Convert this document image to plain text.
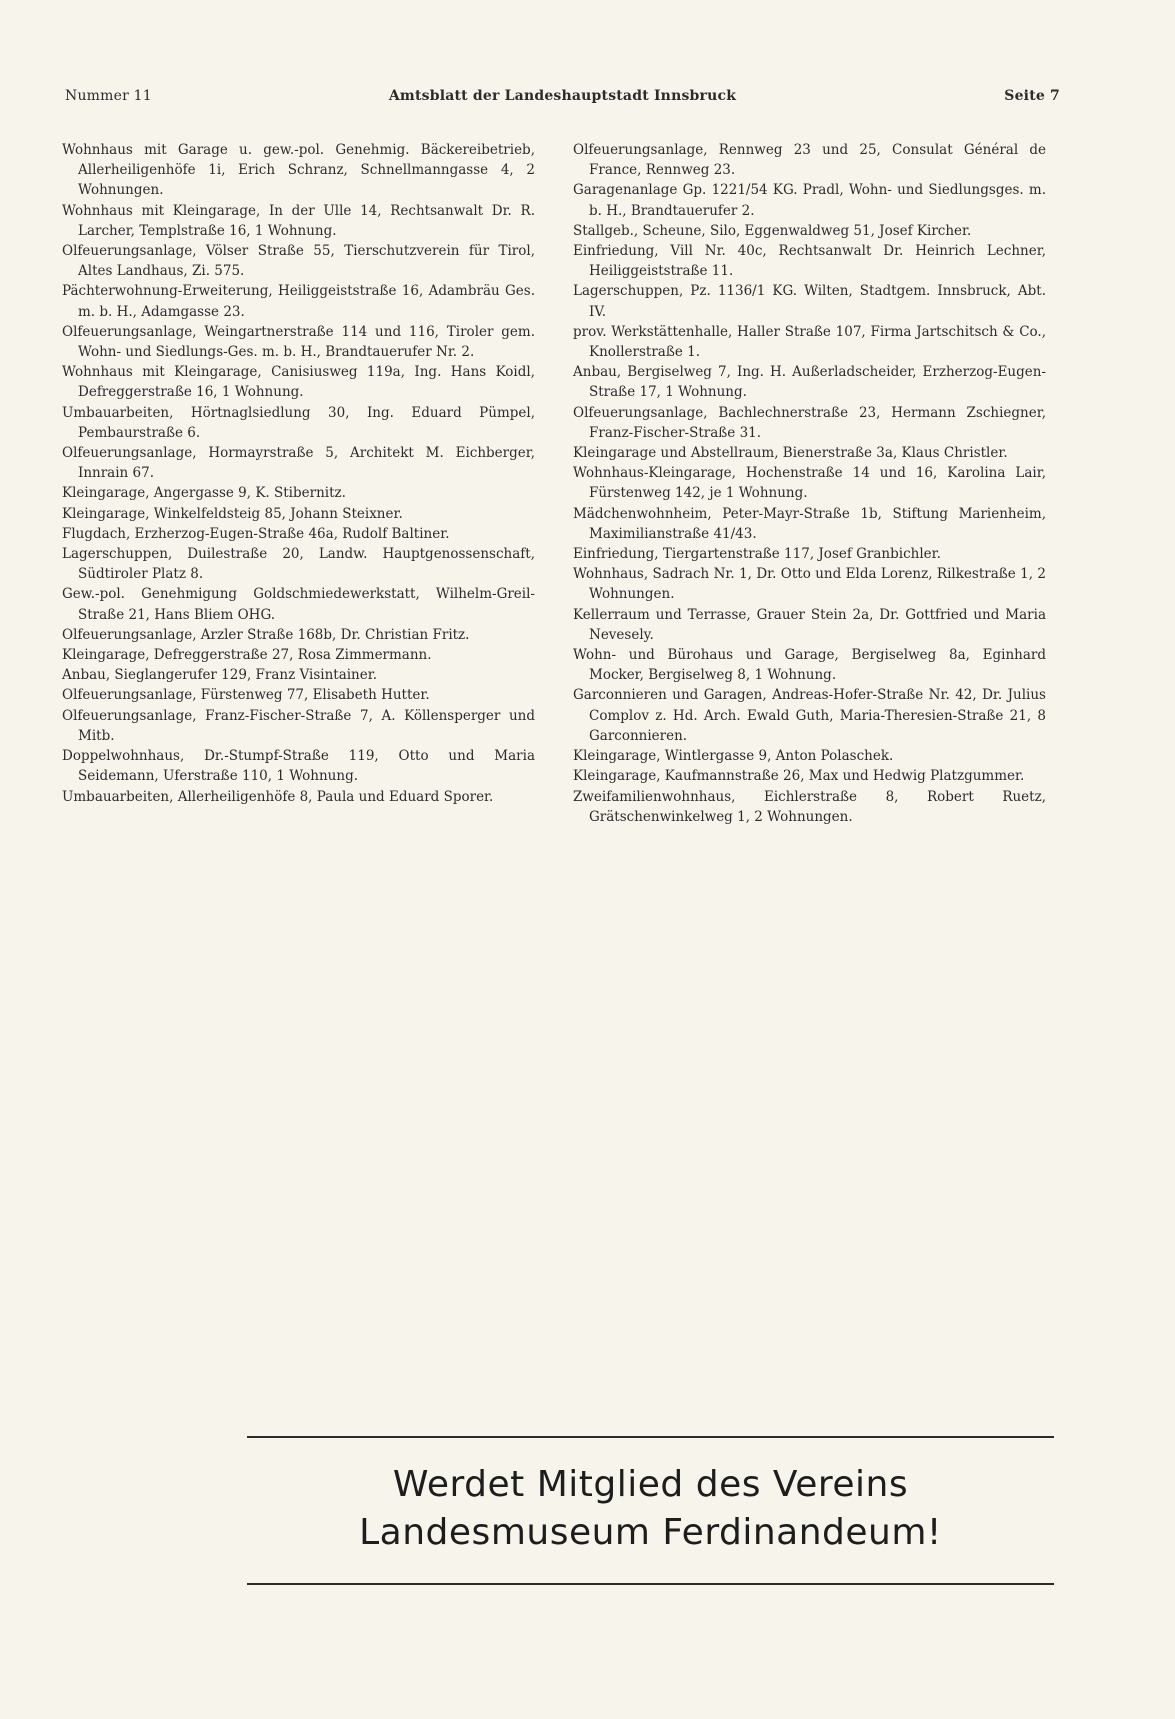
Nummer 11	Amtsblatt der Landeshauptstadt Innsbruck	Seite 7

Wohnhaus mit Garage u. gew.-pol. Genehmig. Bäckereibetrieb, Allerheiligenhöfe 1i, Erich Schranz, Schnellmanngasse 4, 2 Wohnungen.

Wohnhaus mit Kleingarage, In der Ulle 14, Rechtsanwalt Dr. R. Larcher, Templstraße 16, 1 Wohnung.

Olfeuerungsanlage, Völser Straße 55, Tierschutzverein für Tirol, Altes Landhaus, Zi. 575.

Pächterwohnung-Erweiterung, Heiliggeiststraße 16, Adambräu Ges. m. b. H., Adamgasse 23.

Olfeuerungsanlage, Weingartnerstraße 114 und 116, Tiroler gem. Wohn- und Siedlungs-Ges. m. b. H., Brandtauerufer Nr. 2.

Wohnhaus mit Kleingarage, Canisiusweg 119a, Ing. Hans Koidl, Defreggerstraße 16, 1 Wohnung.

Umbauarbeiten, Hörtnaglsiedlung 30, Ing. Eduard Pümpel, Pembaurstraße 6.

Olfeuerungsanlage, Hormayrstraße 5, Architekt M. Eichberger, Innrain 67.

Kleingarage, Angergasse 9, K. Stibernitz.

Kleingarage, Winkelfeldsteig 85, Johann Steixner.

Flugdach, Erzherzog-Eugen-Straße 46a, Rudolf Baltiner.

Lagerschuppen, Duilestraße 20, Landw. Hauptgenossenschaft, Südtiroler Platz 8.

Gew.-pol. Genehmigung Goldschmiedewerkstatt, Wilhelm-Greil-Straße 21, Hans Bliem OHG.

Olfeuerungsanlage, Arzler Straße 168b, Dr. Christian Fritz.

Kleingarage, Defreggerstraße 27, Rosa Zimmermann.

Anbau, Sieglangerufer 129, Franz Visintainer.

Olfeuerungsanlage, Fürstenweg 77, Elisabeth Hutter.

Olfeuerungsanlage, Franz-Fischer-Straße 7, A. Köllensperger und Mitb.

Doppelwohnhaus, Dr.-Stumpf-Straße 119, Otto und Maria Seidemann, Uferstraße 110, 1 Wohnung.

Umbauarbeiten, Allerheiligenhöfe 8, Paula und Eduard Sporer.

Olfeuerungsanlage, Rennweg 23 und 25, Consulat Général de France, Rennweg 23.

Garagenanlage Gp. 1221/54 KG. Pradl, Wohn- und Siedlungsges. m. b. H., Brandtauerufer 2.

Stallgeb., Scheune, Silo, Eggenwaldweg 51, Josef Kircher.

Einfriedung, Vill Nr. 40c, Rechtsanwalt Dr. Heinrich Lechner, Heiliggeiststraße 11.

Lagerschuppen, Pz. 1136/1 KG. Wilten, Stadtgem. Innsbruck, Abt. IV.

prov. Werkstättenhalle, Haller Straße 107, Firma Jartschitsch & Co., Knollerstraße 1.

Anbau, Bergiselweg 7, Ing. H. Außerladscheider, Erzherzog-Eugen-Straße 17, 1 Wohnung.

Olfeuerungsanlage, Bachlechnerstraße 23, Hermann Zschiegner, Franz-Fischer-Straße 31.

Kleingarage und Abstellraum, Bienerstraße 3a, Klaus Christler.

Wohnhaus-Kleingarage, Hochenstraße 14 und 16, Karolina Lair, Fürstenweg 142, je 1 Wohnung.

Mädchenwohnheim, Peter-Mayr-Straße 1b, Stiftung Marienheim, Maximilianstraße 41/43.

Einfriedung, Tiergartenstraße 117, Josef Granbichler.

Wohnhaus, Sadrach Nr. 1, Dr. Otto und Elda Lorenz, Rilkestraße 1, 2 Wohnungen.

Kellerraum und Terrasse, Grauer Stein 2a, Dr. Gottfried und Maria Nevesely.

Wohn- und Bürohaus und Garage, Bergiselweg 8a, Eginhard Mocker, Bergiselweg 8, 1 Wohnung.

Garconnieren und Garagen, Andreas-Hofer-Straße Nr. 42, Dr. Julius Complov z. Hd. Arch. Ewald Guth, Maria-Theresien-Straße 21, 8 Garconnieren.

Kleingarage, Wintlergasse 9, Anton Polaschek.

Kleingarage, Kaufmannstraße 26, Max und Hedwig Platzgummer.

Zweifamilienwohnhaus, Eichlerstraße 8, Robert Ruetz, Grätschenwinkelweg 1, 2 Wohnungen.

Werdet Mitglied des Vereins
Landesmuseum Ferdinandeum!
